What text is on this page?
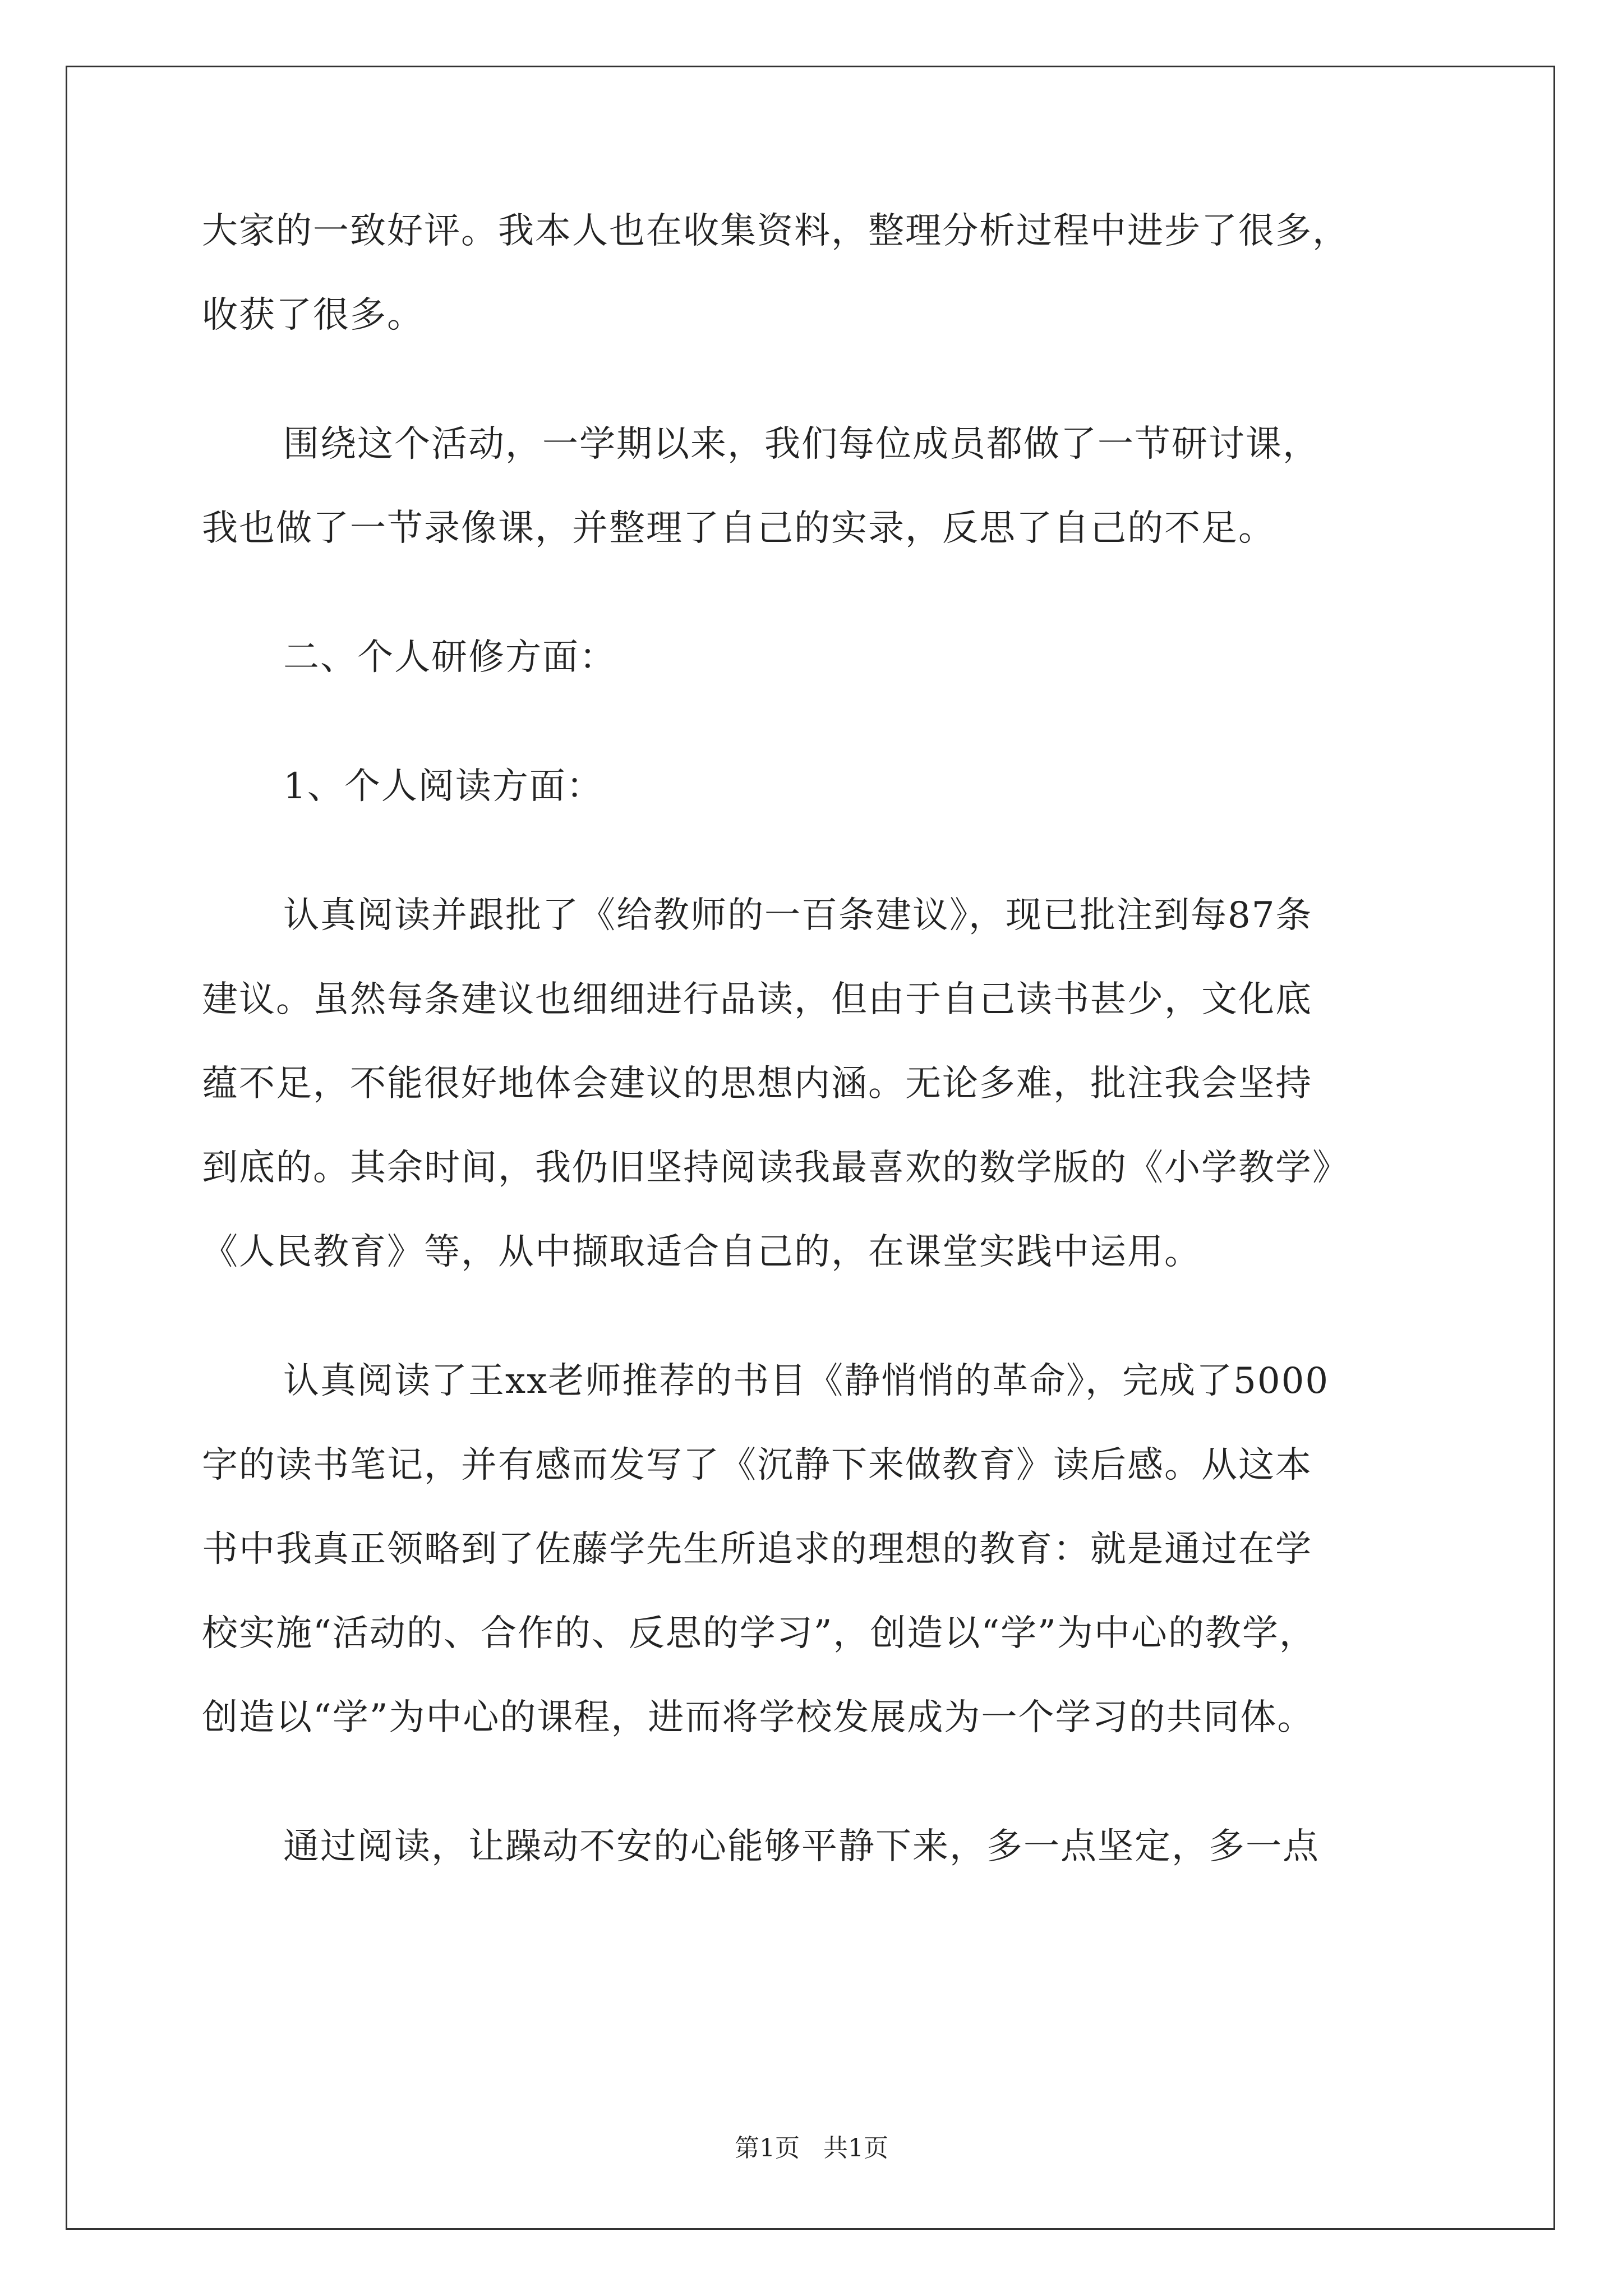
大家的一致好评。我本人也在收集资料，整理分析过程中进步了很多，
收获了很多。
围绕这个活动，一学期以来，我们每位成员都做了一节研讨课，
我也做了一节录像课，并整理了自己的实录，反思了自己的不足。
二、个人研修方面：
1、个人阅读方面：
认真阅读并跟批了《给教师的一百条建议》，现已批注到每87条
建议。虽然每条建议也细细进行品读，但由于自己读书甚少，文化底
蕴不足，不能很好地体会建议的思想内涵。无论多难，批注我会坚持
到底的。其余时间，我仍旧坚持阅读我最喜欢的数学版的《小学教学》
《人民教育》等，从中撷取适合自己的，在课堂实践中运用。
认真阅读了王xx老师推荐的书目《静悄悄的革命》，完成了5000
字的读书笔记，并有感而发写了《沉静下来做教育》读后感。从这本
书中我真正领略到了佐藤学先生所追求的理想的教育：就是通过在学
校实施“活动的、合作的、反思的学习”，创造以“学”为中心的教学，
创造以“学”为中心的课程，进而将学校发展成为一个学习的共同体。
通过阅读，让躁动不安的心能够平静下来，多一点坚定，多一点
第1页 共1页
